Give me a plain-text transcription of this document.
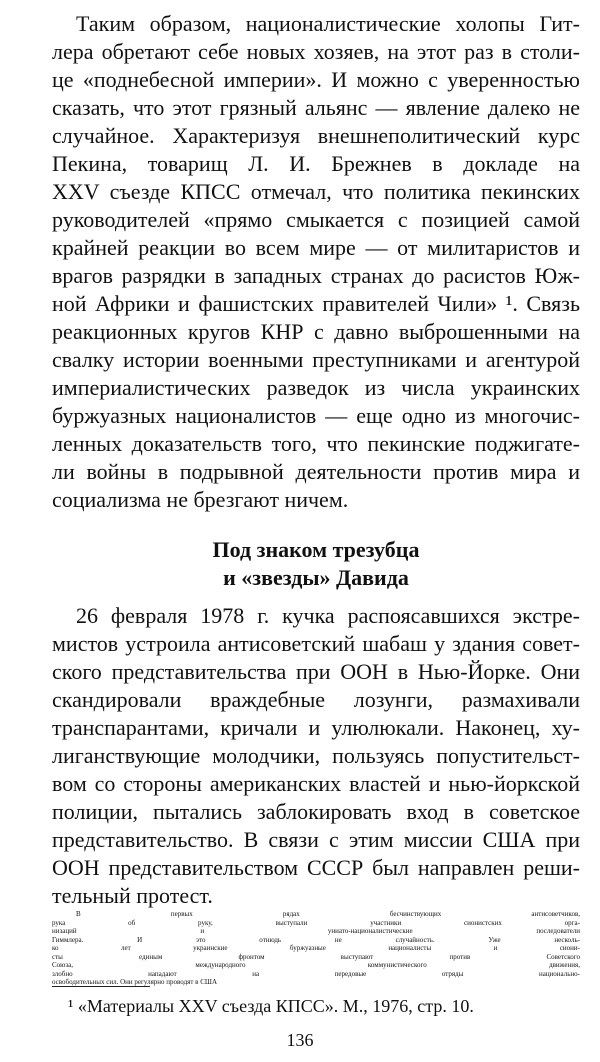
Таким образом, националистические холопы Гит-
лера обретают себе новых хозяев, на этот раз в столи-
це «поднебесной империи». И можно с уверенностью
сказать, что этот грязный альянс — явление далеко не
случайное. Характеризуя внешнеполитический курс
Пекина, товарищ Л. И. Брежнев в докладе на
XXV съезде КПСС отмечал, что политика пекинских
руководителей «прямо смыкается с позицией самой
крайней реакции во всем мире — от милитаристов и
врагов разрядки в западных странах до расистов Юж-
ной Африки и фашистских правителей Чили» ¹. Связь
реакционных кругов КНР с давно выброшенными на
свалку истории военными преступниками и агентурой
империалистических разведок из числа украинских
буржуазных националистов — еще одно из многочис-
ленных доказательств того, что пекинские поджигате-
ли войны в подрывной деятельности против мира и
социализма не брезгают ничем.
Под знаком трезубца
и «звезды» Давида
26 февраля 1978 г. кучка распоясавшихся экстре-
мистов устроила антисоветский шабаш у здания совет-
ского представительства при ООН в Нью-Йорке. Они
скандировали враждебные лозунги, размахивали
транспарантами, кричали и улюлюкали. Наконец, ху-
лиганствующие молодчики, пользуясь попустительст-
вом со стороны американских властей и нью-йоркской
полиции, пытались заблокировать вход в советское
представительство. В связи с этим миссии США при
ООН представительством СССР был направлен реши-
тельный протест.
¹ «Материалы XXV съезда КПСС». М., 1976, стр. 10.
136
В первых рядах бесчинствующих антисоветчиков,
рука об руку, выступали участники сионистских орга-
низаций и униато-националистические последователи
Гиммлера. И это отнюдь не случайность. Уже несколь-
ко лет украинские буржуазные националисты и сиони-
сты единым фронтом выступают против Советского
Союза, международного коммунистического движения,
злобно нападают на передовые отряды национально-
освободительных сил. Они регулярно проводят в США
